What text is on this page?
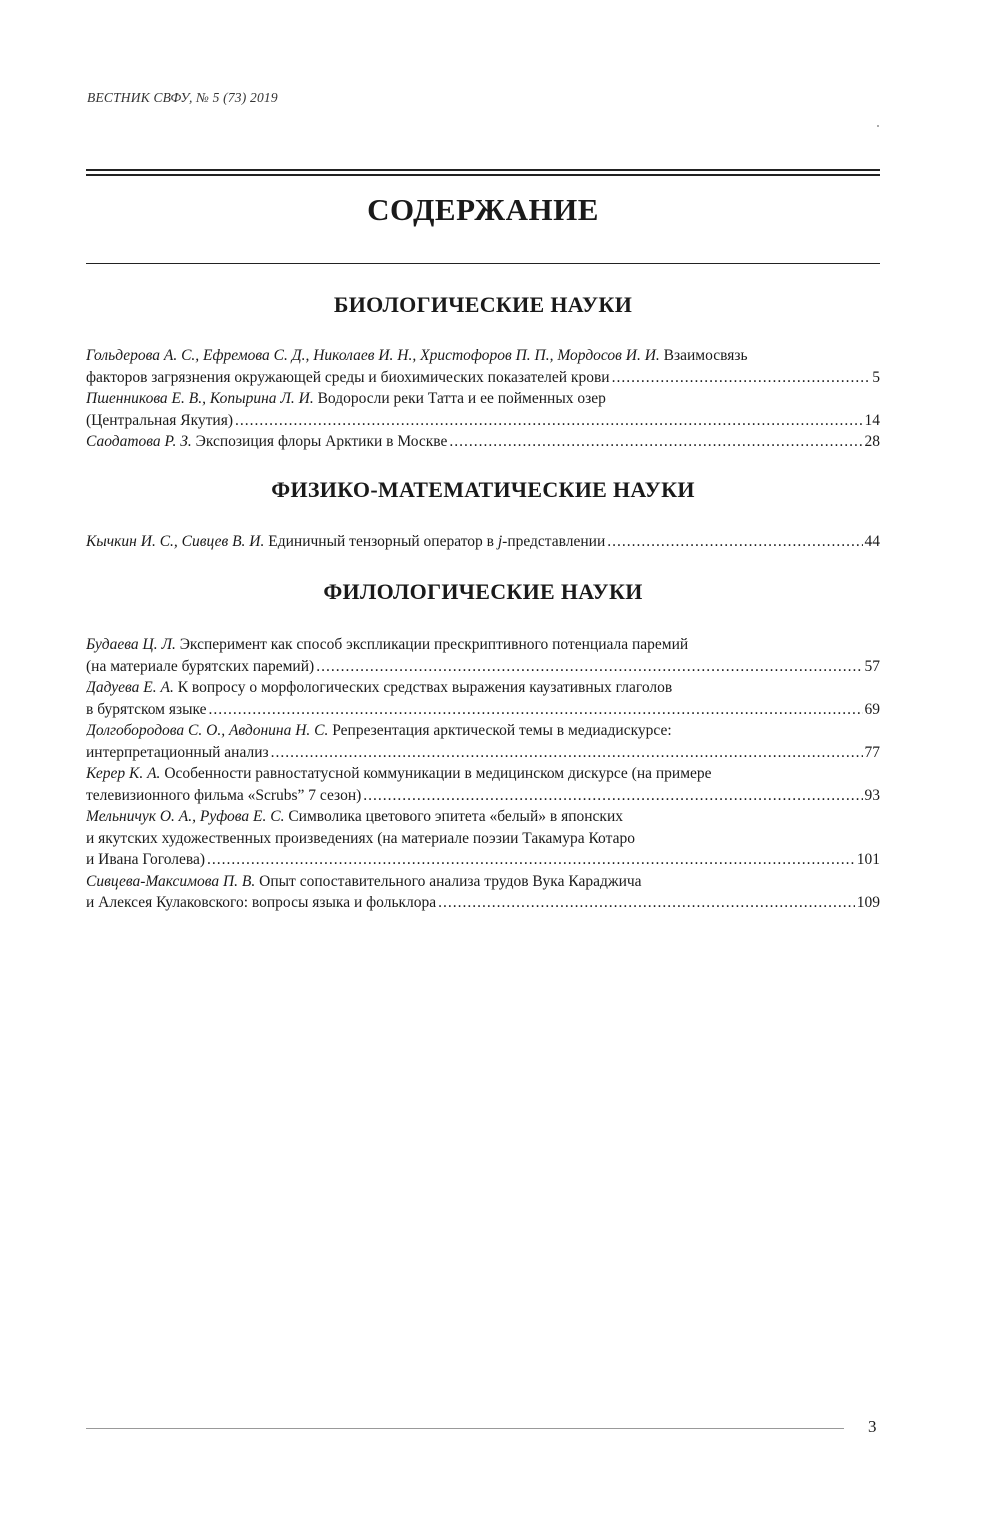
ВЕСТНИК СВФУ, № 5 (73) 2019
СОДЕРЖАНИЕ
БИОЛОГИЧЕСКИЕ НАУКИ
Гольдерова А. С., Ефремова С. Д., Николаев И. Н., Христофоров П. П., Мордосов И. И. Взаимосвязь
факторов загрязнения окружающей среды и биохимических показателей крови .....	5
Пшенникова Е. В., Копырина Л. И. Водоросли реки Татта и ее пойменных озер
(Центральная Якутия) .....	14
Саодатова Р. З. Экспозиция флоры Арктики в Москве .....	28
ФИЗИКО-МАТЕМАТИЧЕСКИЕ НАУКИ
Кычкин И. С., Сивцев В. И. Единичный тензорный оператор в j-представлении .....	44
ФИЛОЛОГИЧЕСКИЕ НАУКИ
Будаева Ц. Л. Эксперимент как способ экспликации прескриптивного потенциала паремий
(на материале бурятских паремий) .....	57
Дадуева Е. А. К вопросу о морфологических средствах выражения каузативных глаголов
в бурятском языке .....	69
Долгобородова С. О., Авдонина Н. С. Репрезентация арктической темы в медиадискурсе:
интерпретационный анализ .....	77
Керер К. А. Особенности равностатусной коммуникации в медицинском дискурсе (на примере
телевизионного фильма «Scrubs” 7 сезон) .....	93
Мельничук О. А., Руфова Е. С. Символика цветового эпитета «белый» в японских
и якутских художественных произведениях (на материале поэзии Такамура Котаро
и Ивана Гоголева) .....	101
Сивцева-Максимова П. В. Опыт сопоставительного анализа трудов Вука Караджича
и Алексея Кулаковского: вопросы языка и фольклора .....	109
3
